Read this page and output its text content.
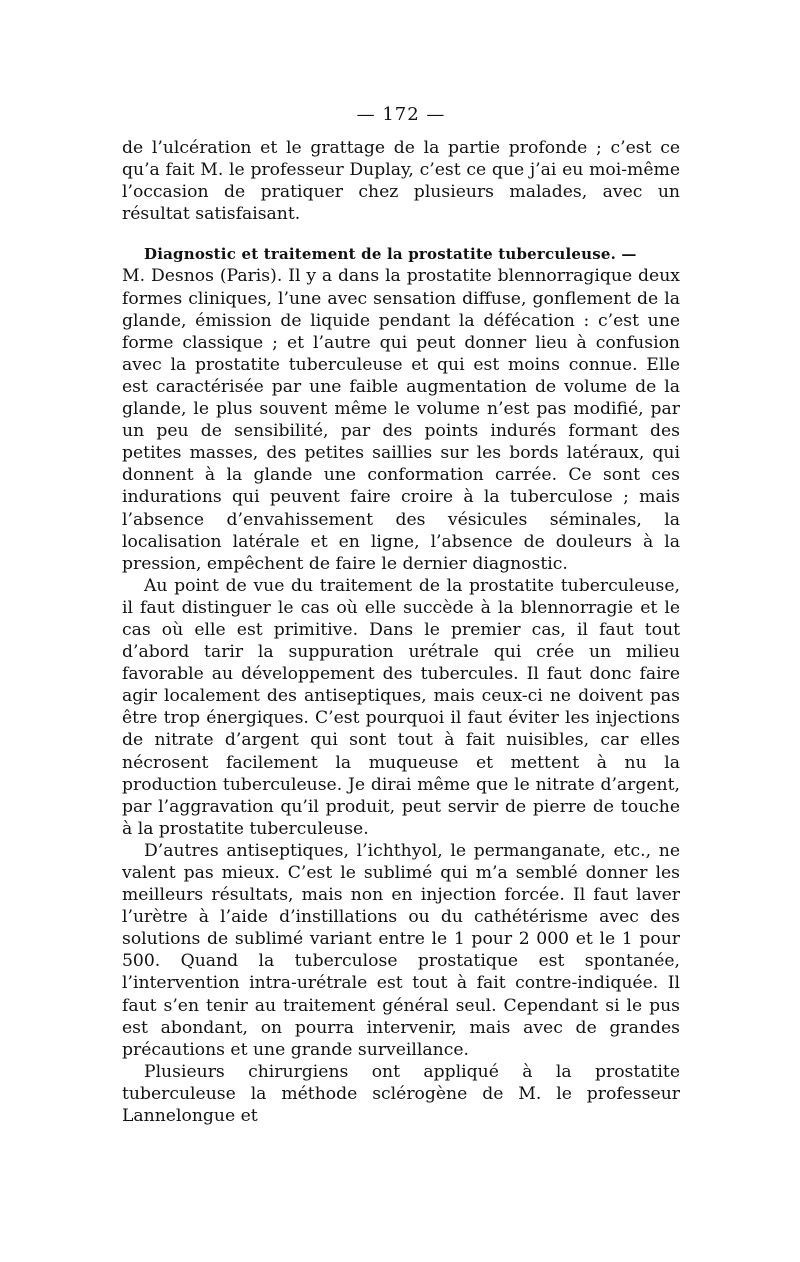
— 172 —

de l’ulcération et le grattage de la partie profonde ; c’est ce qu’a fait M. le professeur Duplay, c’est ce que j’ai eu moi-même l’occasion de pratiquer chez plusieurs malades, avec un résultat satisfaisant.

Diagnostic et traitement de la prostatite tuberculeuse. —

M. Desnos (Paris). Il y a dans la prostatite blennorragique deux formes cliniques, l’une avec sensation diffuse, gonflement de la glande, émission de liquide pendant la défécation : c’est une forme classique ; et l’autre qui peut donner lieu à confusion avec la prostatite tuberculeuse et qui est moins connue. Elle est caractérisée par une faible augmentation de volume de la glande, le plus souvent même le volume n’est pas modifié, par un peu de sensibilité, par des points indurés formant des petites masses, des petites saillies sur les bords latéraux, qui donnent à la glande une conformation carrée. Ce sont ces indurations qui peuvent faire croire à la tuberculose ; mais l’absence d’envahissement des vésicules séminales, la localisation latérale et en ligne, l’absence de douleurs à la pression, empêchent de faire le dernier diagnostic.

Au point de vue du traitement de la prostatite tuberculeuse, il faut distinguer le cas où elle succède à la blennorragie et le cas où elle est primitive. Dans le premier cas, il faut tout d’abord tarir la suppuration urétrale qui crée un milieu favorable au développement des tubercules. Il faut donc faire agir localement des antiseptiques, mais ceux-ci ne doivent pas être trop énergiques. C’est pourquoi il faut éviter les injections de nitrate d’argent qui sont tout à fait nuisibles, car elles nécrosent facilement la muqueuse et mettent à nu la production tuberculeuse. Je dirai même que le nitrate d’argent, par l’aggravation qu’il produit, peut servir de pierre de touche à la prostatite tuberculeuse.

D’autres antiseptiques, l’ichthyol, le permanganate, etc., ne valent pas mieux. C’est le sublimé qui m’a semblé donner les meilleurs résultats, mais non en injection forcée. Il faut laver l’urètre à l’aide d’instillations ou du cathétérisme avec des solutions de sublimé variant entre le 1 pour 2 000 et le 1 pour 500. Quand la tuberculose prostatique est spontanée, l’intervention intra-urétrale est tout à fait contre-indiquée. Il faut s’en tenir au traitement général seul. Cependant si le pus est abondant, on pourra intervenir, mais avec de grandes précautions et une grande surveillance.

Plusieurs chirurgiens ont appliqué à la prostatite tuberculeuse la méthode sclérogène de M. le professeur Lannelongue et
